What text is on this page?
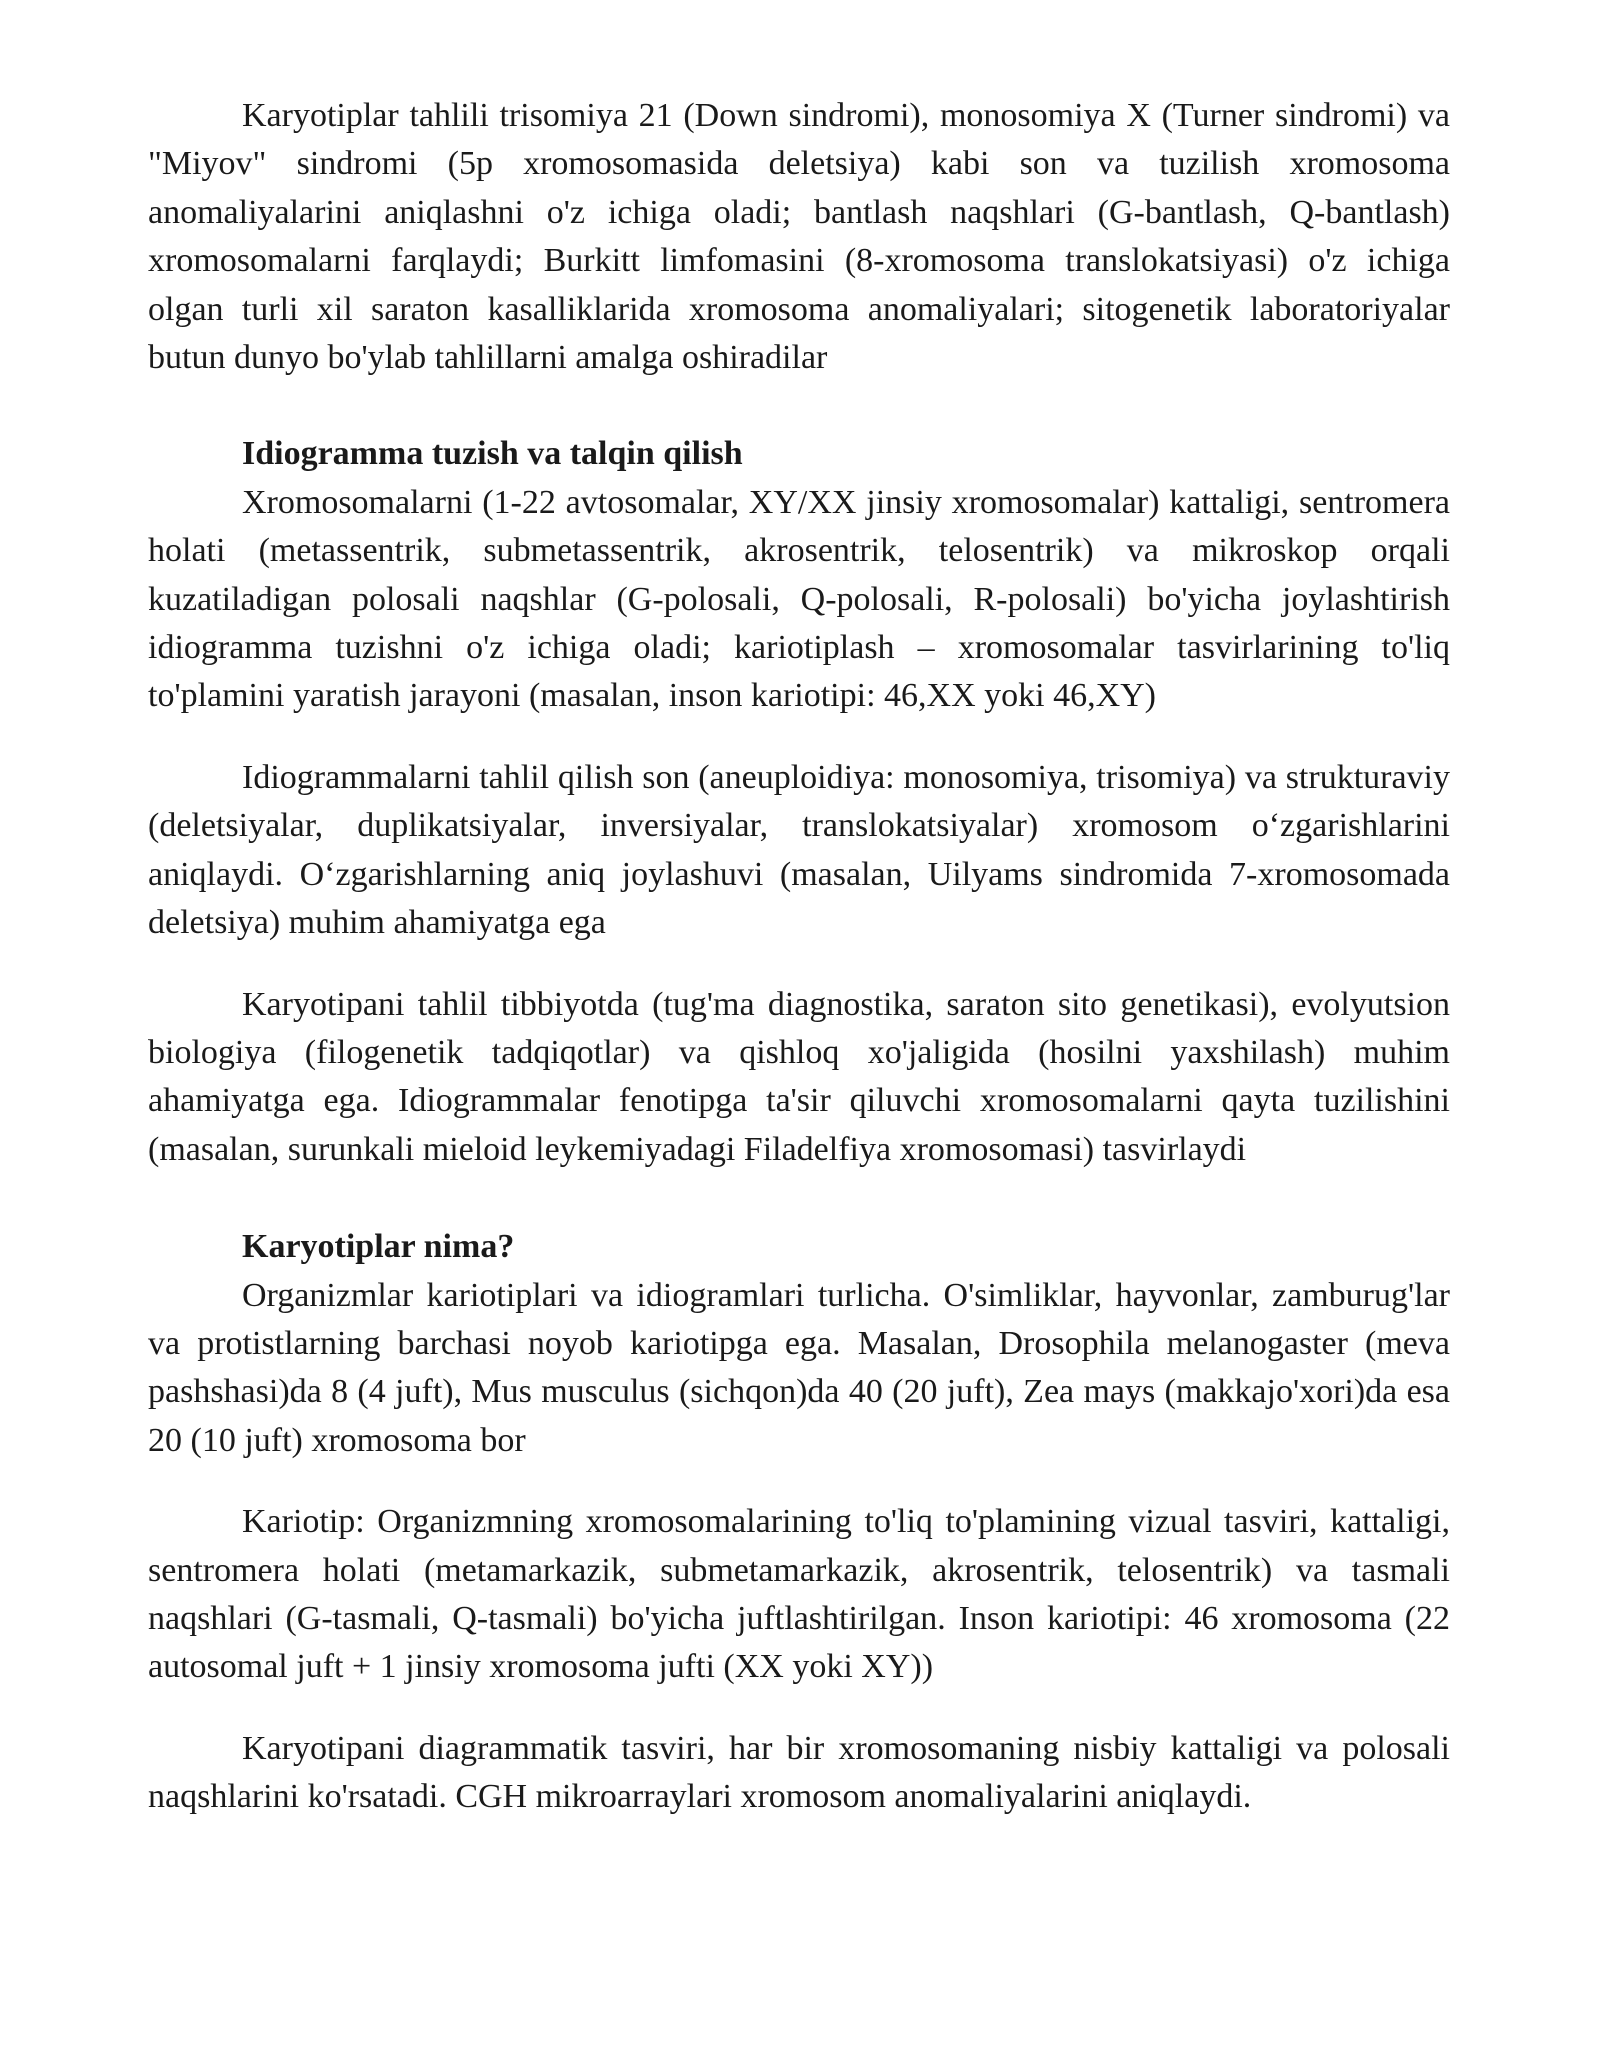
Karyotiplar tahlili trisomiya 21 (Down sindromi), monosomiya X (Turner sindromi) va "Miyov" sindromi (5p xromosomasida deletsiya) kabi son va tuzilish xromosoma anomaliyalarini aniqlashni o'z ichiga oladi; bantlash naqshlari (G-bantlash, Q-bantlash) xromosomalarni farqlaydi; Burkitt limfomasini (8-xromosoma translokatsiyasi) o'z ichiga olgan turli xil saraton kasalliklarida xromosoma anomaliyalari; sitogenetik laboratoriyalar butun dunyo bo'ylab tahlillarni amalga oshiradilar

Idiogramma tuzish va talqin qilish

Xromosomalarni (1-22 avtosomalar, XY/XX jinsiy xromosomalar) kattaligi, sentromera holati (metassentrik, submetassentrik, akrosentrik, telosentrik) va mikroskop orqali kuzatiladigan polosali naqshlar (G-polosali, Q-polosali, R-polosali) bo'yicha joylashtirish idiogramma tuzishni o'z ichiga oladi; kariotiplash – xromosomalar tasvirlarining to'liq to'plamini yaratish jarayoni (masalan, inson kariotipi: 46,XX yoki 46,XY)

Idiogrammalarni tahlil qilish son (aneuploidiya: monosomiya, trisomiya) va strukturaviy (deletsiyalar, duplikatsiyalar, inversiyalar, translokatsiyalar) xromosom oʻzgarishlarini aniqlaydi. Oʻzgarishlarning aniq joylashuvi (masalan, Uilyams sindromida 7-xromosomada deletsiya) muhim ahamiyatga ega

Karyotipani tahlil tibbiyotda (tug'ma diagnostika, saraton sito genetikasi), evolyutsion biologiya (filogenetik tadqiqotlar) va qishloq xo'jaligida (hosilni yaxshilash) muhim ahamiyatga ega. Idiogrammalar fenotipga ta'sir qiluvchi xromosomalarni qayta tuzilishini (masalan, surunkali mieloid leykemiyadagi Filadelfiya xromosomasi) tasvirlaydi

Karyotiplar nima?

Organizmlar kariotiplari va idiogramlari turlicha. O'simliklar, hayvonlar, zamburug'lar va protistlarning barchasi noyob kariotipga ega. Masalan, Drosophila melanogaster (meva pashshasi)da 8 (4 juft), Mus musculus (sichqon)da 40 (20 juft), Zea mays (makkajo'xori)da esa 20 (10 juft) xromosoma bor

Kariotip: Organizmning xromosomalarining to'liq to'plamining vizual tasviri, kattaligi, sentromera holati (metamarkazik, submetamarkazik, akrosentrik, telosentrik) va tasmali naqshlari (G-tasmali, Q-tasmali) bo'yicha juftlashtirilgan. Inson kariotipi: 46 xromosoma (22 autosomal juft + 1 jinsiy xromosoma jufti (XX yoki XY))

Karyotipani diagrammatik tasviri, har bir xromosomaning nisbiy kattaligi va polosali naqshlarini ko'rsatadi. CGH mikroarraylari xromosom anomaliyalarini aniqlaydi.
